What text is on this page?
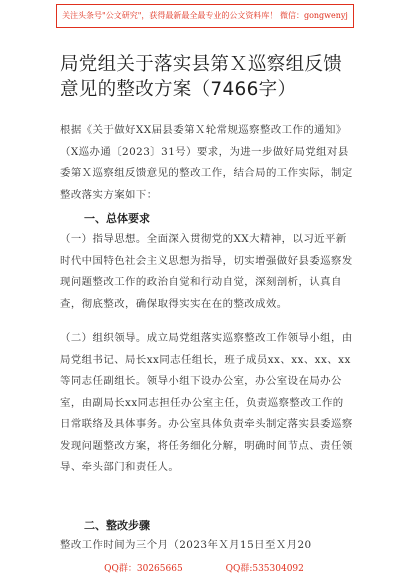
关注头条号"公文研究"，获得最新最全最专业的公文资料库！ 微信：gongwenyj
局党组关于落实县第Ｘ巡察组反馈意见的整改方案（7466字）

根据《关于做好XX届县委第Ｘ轮常规巡察整改工作的通知》（X巡办通〔2023〕31号）要求，为进一步做好局党组对县委第Ｘ巡察组反馈意见的整改工作，结合局的工作实际，制定整改落实方案如下：

一、总体要求

（一）指导思想。全面深入贯彻党的XX大精神，以习近平新时代中国特色社会主义思想为指导，切实增强做好县委巡察发现问题整改工作的政治自觉和行动自觉，深刻剖析，认真自查，彻底整改，确保取得实实在在的整改成效。

（二）组织领导。成立局党组落实巡察整改工作领导小组，由局党组书记、局长xx同志任组长，班子成员xx、xx、xx、xx等同志任副组长。领导小组下设办公室，办公室设在局办公室，由副局长xx同志担任办公室主任，负责巡察整改工作的日常联络及具体事务。办公室具体负责牵头制定落实县委巡察发现问题整改方案，将任务细化分解，明确时间节点、责任领导、牵头部门和责任人。

二、整改步骤

整改工作时间为三个月（2023年Ｘ月15日至Ｘ月20

QQ群：30265665	QQ群:535304092
